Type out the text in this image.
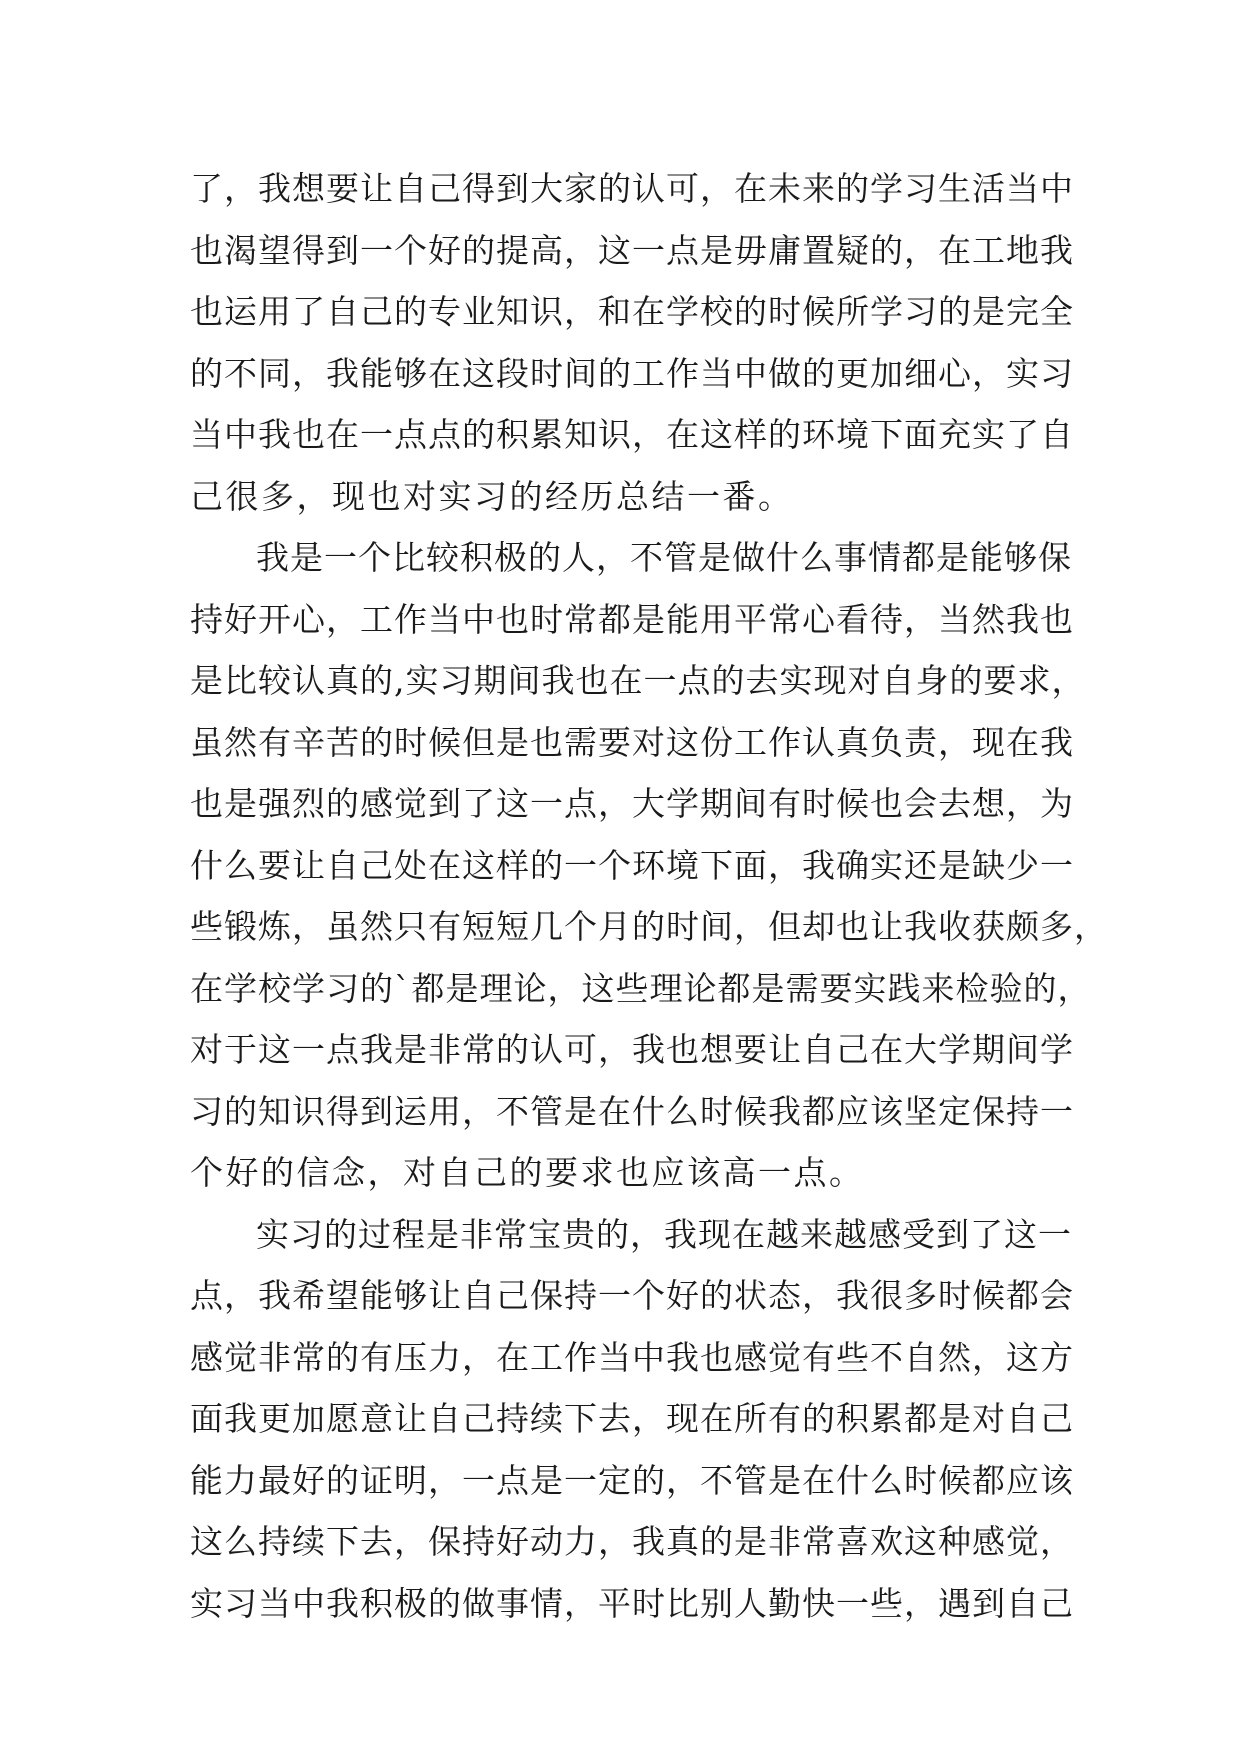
了，我想要让自己得到大家的认可，在未来的学习生活当中
也渴望得到一个好的提高，这一点是毋庸置疑的，在工地我
也运用了自己的专业知识，和在学校的时候所学习的是完全
的不同，我能够在这段时间的工作当中做的更加细心，实习
当中我也在一点点的积累知识，在这样的环境下面充实了自
己很多，现也对实习的经历总结一番。
我是一个比较积极的人，不管是做什么事情都是能够保
持好开心，工作当中也时常都是能用平常心看待，当然我也
是比较认真的,实习期间我也在一点的去实现对自身的要求，
虽然有辛苦的时候但是也需要对这份工作认真负责，现在我
也是强烈的感觉到了这一点，大学期间有时候也会去想，为
什么要让自己处在这样的一个环境下面，我确实还是缺少一
些锻炼，虽然只有短短几个月的时间，但却也让我收获颇多，
在学校学习的`都是理论，这些理论都是需要实践来检验的，
对于这一点我是非常的认可，我也想要让自己在大学期间学
习的知识得到运用，不管是在什么时候我都应该坚定保持一
个好的信念，对自己的要求也应该高一点。
实习的过程是非常宝贵的，我现在越来越感受到了这一
点，我希望能够让自己保持一个好的状态，我很多时候都会
感觉非常的有压力，在工作当中我也感觉有些不自然，这方
面我更加愿意让自己持续下去，现在所有的积累都是对自己
能力最好的证明，一点是一定的，不管是在什么时候都应该
这么持续下去，保持好动力，我真的是非常喜欢这种感觉，
实习当中我积极的做事情，平时比别人勤快一些，遇到自己
